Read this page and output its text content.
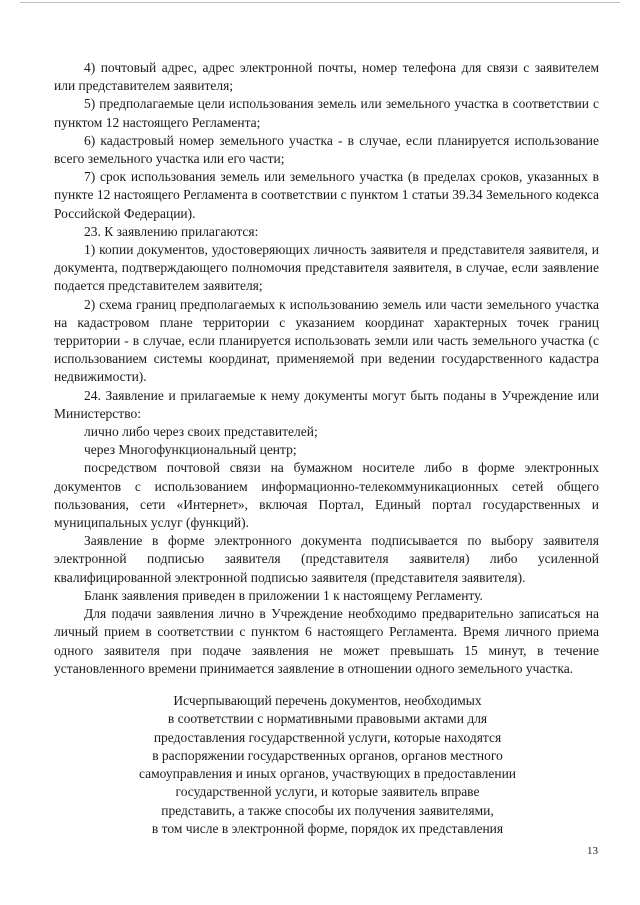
4) почтовый адрес, адрес электронной почты, номер телефона для связи с заявителем или представителем заявителя;

5) предполагаемые цели использования земель или земельного участка в соответствии с пунктом 12 настоящего Регламента;

6) кадастровый номер земельного участка - в случае, если планируется использование всего земельного участка или его части;

7) срок использования земель или земельного участка (в пределах сроков, указанных в пункте 12 настоящего Регламента в соответствии с пунктом 1 статьи 39.34 Земельного кодекса Российской Федерации).

23. К заявлению прилагаются:

1) копии документов, удостоверяющих личность заявителя и представителя заявителя, и документа, подтверждающего полномочия представителя заявителя, в случае, если заявление подается представителем заявителя;

2) схема границ предполагаемых к использованию земель или части земельного участка на кадастровом плане территории с указанием координат характерных точек границ территории - в случае, если планируется использовать земли или часть земельного участка (с использованием системы координат, применяемой при ведении государственного кадастра недвижимости).

24. Заявление и прилагаемые к нему документы могут быть поданы в Учреждение или Министерство:

лично либо через своих представителей;

через Многофункциональный центр;

посредством почтовой связи на бумажном носителе либо в форме электронных документов с использованием информационно-телекоммуникационных сетей общего пользования, сети «Интернет», включая Портал, Единый портал государственных и муниципальных услуг (функций).

Заявление в форме электронного документа подписывается по выбору заявителя электронной подписью заявителя (представителя заявителя) либо усиленной квалифицированной электронной подписью заявителя (представителя заявителя).

Бланк заявления приведен в приложении 1 к настоящему Регламенту.

Для подачи заявления лично в Учреждение необходимо предварительно записаться на личный прием в соответствии с пунктом 6 настоящего Регламента. Время личного приема одного заявителя при подаче заявления не может превышать 15 минут, в течение установленного времени принимается заявление в отношении одного земельного участка.

Исчерпывающий перечень документов, необходимых
в соответствии с нормативными правовыми актами для
предоставления государственной услуги, которые находятся
в распоряжении государственных органов, органов местного
самоуправления и иных органов, участвующих в предоставлении
государственной услуги, и которые заявитель вправе
представить, а также способы их получения заявителями,
в том числе в электронной форме, порядок их представления
13
